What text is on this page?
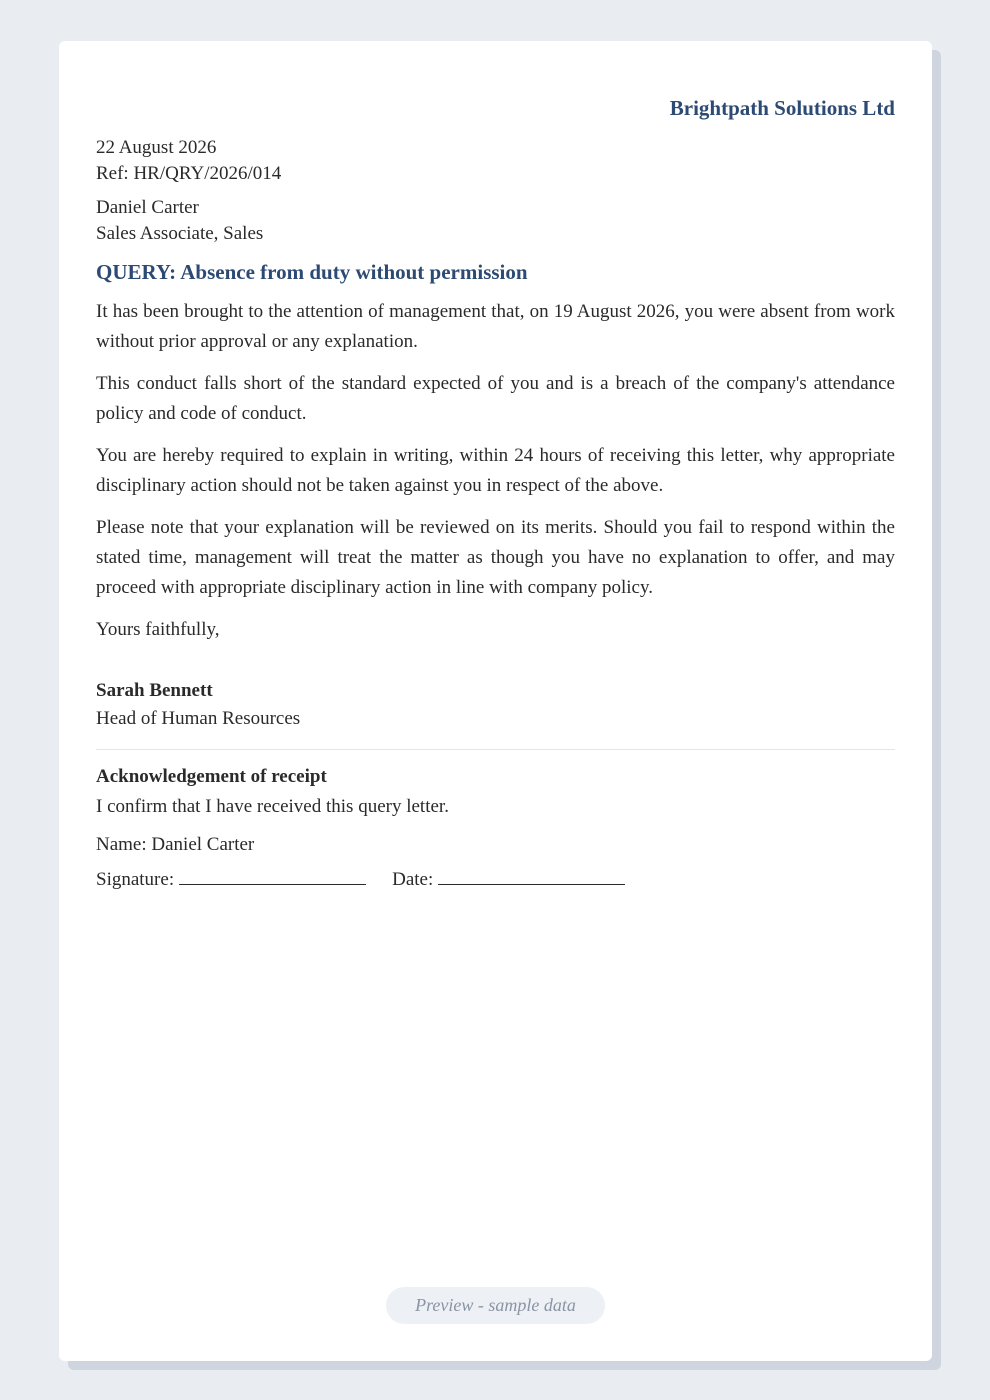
Brightpath Solutions Ltd
22 August 2026
Ref: HR/QRY/2026/014
Daniel Carter
Sales Associate, Sales
QUERY: Absence from duty without permission

It has been brought to the attention of management that, on 19 August 2026, you were absent from work without prior approval or any explanation.

This conduct falls short of the standard expected of you and is a breach of the company's attendance policy and code of conduct.

You are hereby required to explain in writing, within 24 hours of receiving this letter, why appropriate disciplinary action should not be taken against you in respect of the above.

Please note that your explanation will be reviewed on its merits. Should you fail to respond within the stated time, management will treat the matter as though you have no explanation to offer, and may proceed with appropriate disciplinary action in line with company policy.

Yours faithfully,
Sarah Bennett
Head of Human Resources
Acknowledgement of receipt
I confirm that I have received this query letter.
Name: Daniel Carter
Signature:	Date:
Preview - sample data
